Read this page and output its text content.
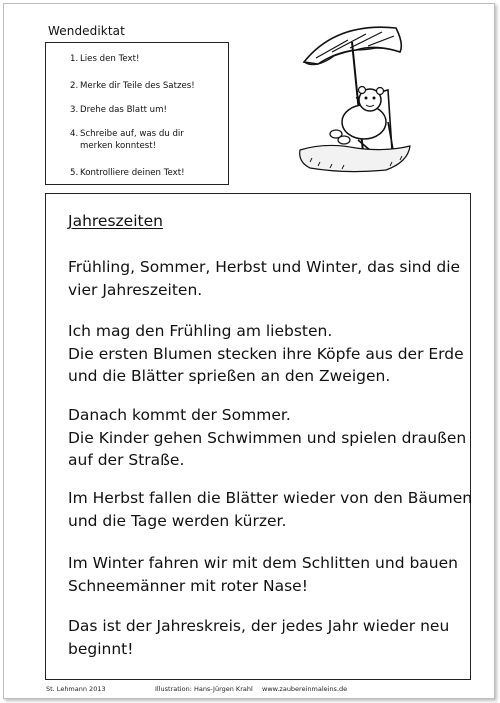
Wendediktat
1. Lies den Text!
2. Merke dir Teile des Satzes!
3. Drehe das Blatt um!
4. Schreibe auf, was du dir merken konntest!
5. Kontrolliere deinen Text!
Jahreszeiten

Frühling, Sommer, Herbst und Winter, das sind die
vier Jahreszeiten.

Ich mag den Frühling am liebsten.
Die ersten Blumen stecken ihre Köpfe aus der Erde
und die Blätter sprießen an den Zweigen.

Danach kommt der Sommer.
Die Kinder gehen Schwimmen und spielen draußen
auf der Straße.

Im Herbst fallen die Blätter wieder von den Bäumen
und die Tage werden kürzer.

Im Winter fahren wir mit dem Schlitten und bauen
Schneemänner mit roter Nase!

Das ist der Jahreskreis, der jedes Jahr wieder neu
beginnt!

St. Lehmann 2013	Illustration: Hans-Jürgen Krahl www.zaubereinmaleins.de
